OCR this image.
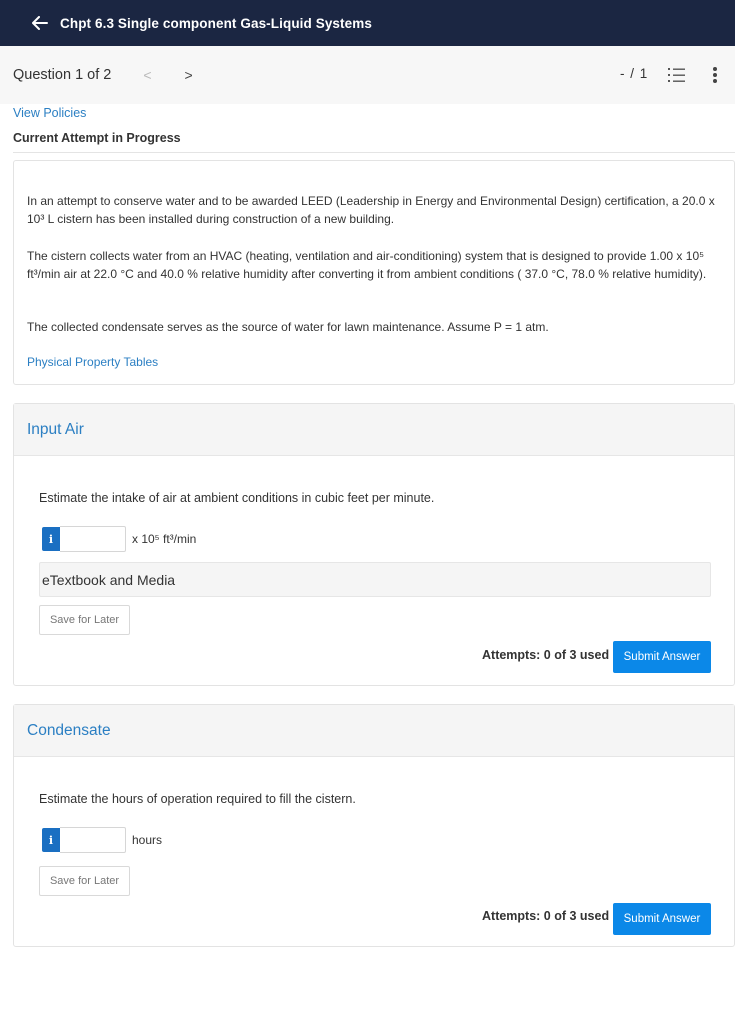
Chpt 6.3 Single component Gas-Liquid Systems
Question 1 of 2 < >	- / 1
View Policies
Current Attempt in Progress

In an attempt to conserve water and to be awarded LEED (Leadership in Energy and Environmental Design) certification, a 20.0 x 10³ L cistern has been installed during construction of a new building.

The cistern collects water from an HVAC (heating, ventilation and air-conditioning) system that is designed to provide 1.00 x 10⁵ ft³/min air at 22.0 °C and 40.0 % relative humidity after converting it from ambient conditions ( 37.0 °C, 78.0 % relative humidity).

The collected condensate serves as the source of water for lawn maintenance. Assume P = 1 atm.

Physical Property Tables
Input Air
Estimate the intake of air at ambient conditions in cubic feet per minute.
i	x 10⁵ ft³/min
eTextbook and Media
Save for Later
Attempts: 0 of 3 used	Submit Answer
Condensate
Estimate the hours of operation required to fill the cistern.
i	hours
Save for Later
Attempts: 0 of 3 used	Submit Answer
